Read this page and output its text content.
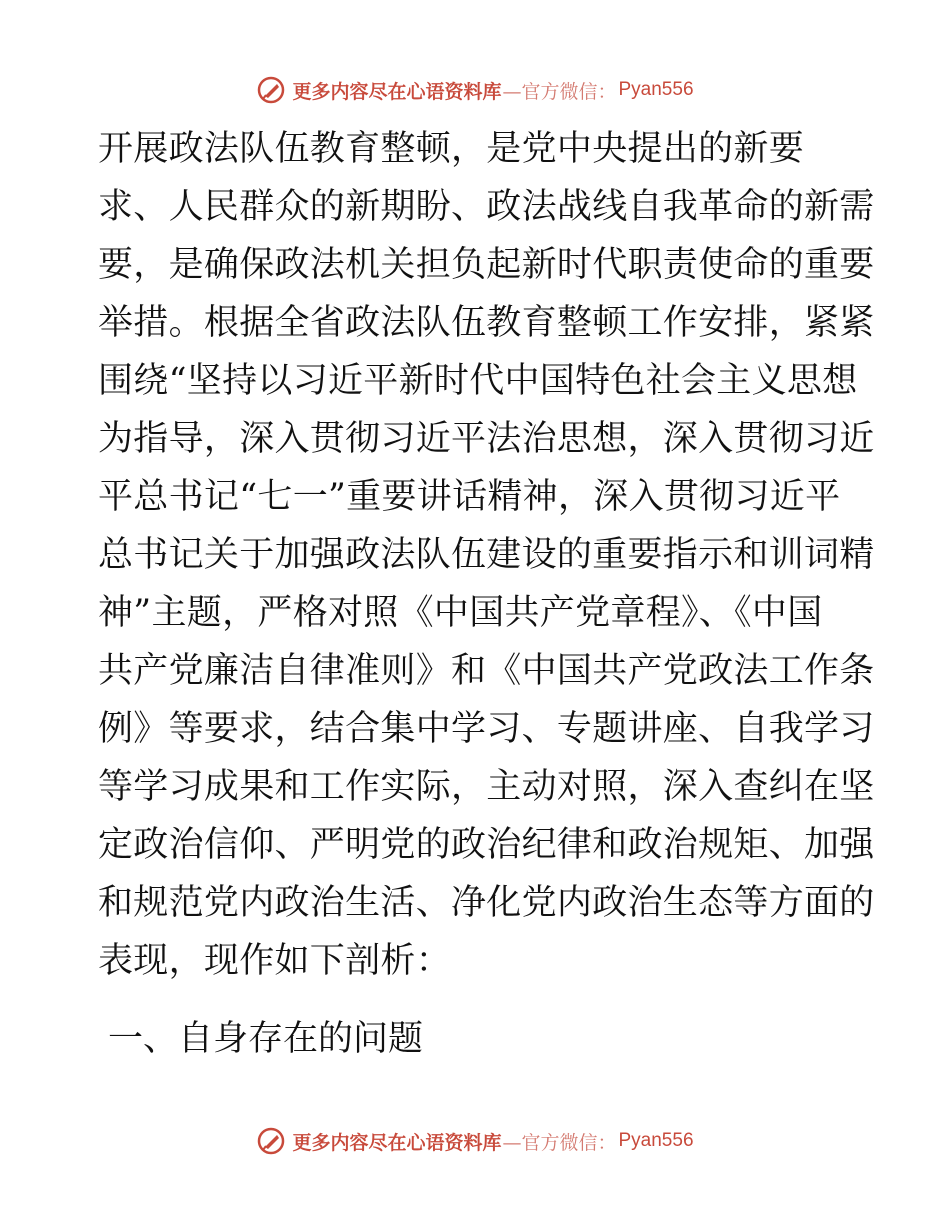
更多内容尽在心语资料库 —官方微信： Pyan556
开展政法队伍教育整顿，是党中央提出的新要
求、人民群众的新期盼、政法战线自我革命的新需
要，是确保政法机关担负起新时代职责使命的重要
举措。根据全省政法队伍教育整顿工作安排，紧紧
围绕“坚持以习近平新时代中国特色社会主义思想
为指导，深入贯彻习近平法治思想，深入贯彻习近
平总书记“七一”重要讲话精神，深入贯彻习近平
总书记关于加强政法队伍建设的重要指示和训词精
神”主题，严格对照《中国共产党章程》、《中国
共产党廉洁自律准则》和《中国共产党政法工作条
例》等要求，结合集中学习、专题讲座、自我学习
等学习成果和工作实际，主动对照，深入查纠在坚
定政治信仰、严明党的政治纪律和政治规矩、加强
和规范党内政治生活、净化党内政治生态等方面的
表现，现作如下剖析：
一、自身存在的问题
更多内容尽在心语资料库 —官方微信： Pyan556
